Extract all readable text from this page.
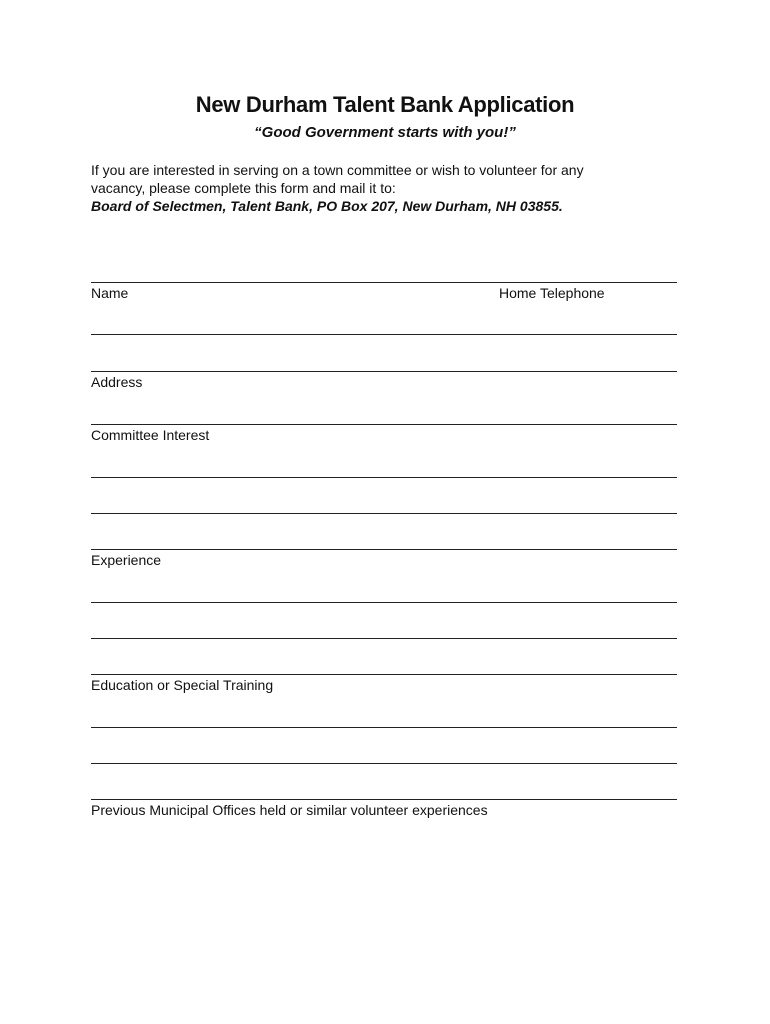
New Durham Talent Bank Application
“Good Government starts with you!”
If you are interested in serving on a town committee or wish to volunteer for any
vacancy, please complete this form and mail it to:
Board of Selectmen, Talent Bank, PO Box 207, New Durham, NH 03855.
Name	Home Telephone
Address
Committee Interest
Experience
Education or Special Training
Previous Municipal Offices held or similar volunteer experiences
